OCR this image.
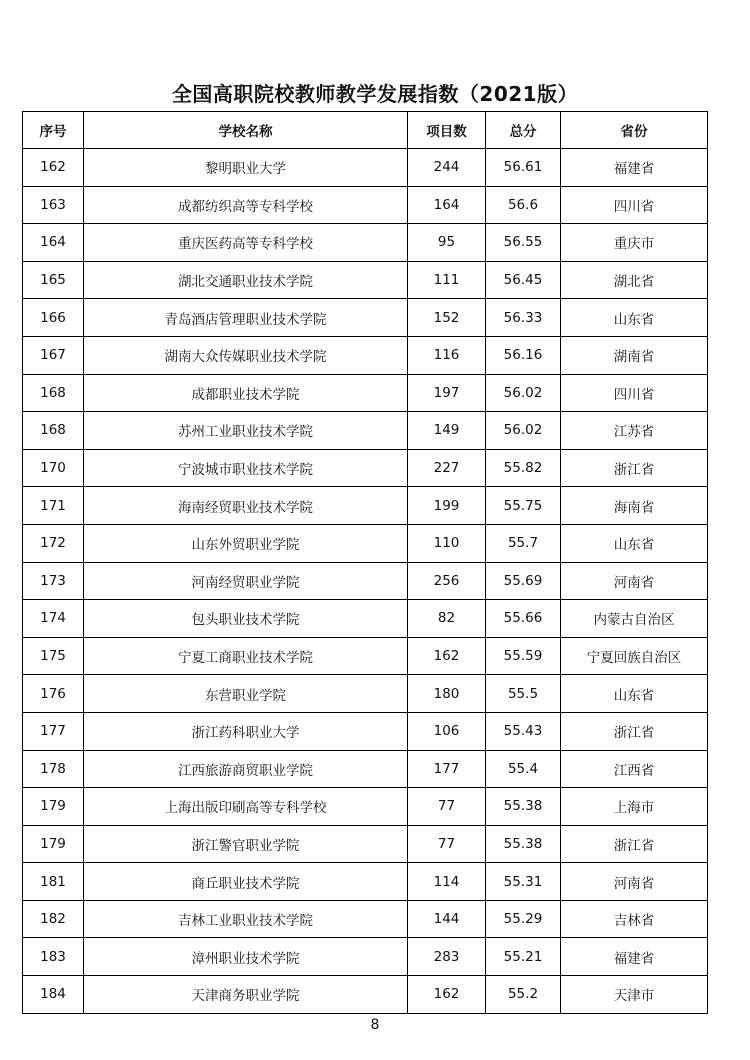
全国高职院校教师教学发展指数（2021版）
序号	学校名称	项目数	总分	省份
162	黎明职业大学	244	56.61	福建省
163	成都纺织高等专科学校	164	56.6	四川省
164	重庆医药高等专科学校	95	56.55	重庆市
165	湖北交通职业技术学院	111	56.45	湖北省
166	青岛酒店管理职业技术学院	152	56.33	山东省
167	湖南大众传媒职业技术学院	116	56.16	湖南省
168	成都职业技术学院	197	56.02	四川省
168	苏州工业职业技术学院	149	56.02	江苏省
170	宁波城市职业技术学院	227	55.82	浙江省
171	海南经贸职业技术学院	199	55.75	海南省
172	山东外贸职业学院	110	55.7	山东省
173	河南经贸职业学院	256	55.69	河南省
174	包头职业技术学院	82	55.66	内蒙古自治区
175	宁夏工商职业技术学院	162	55.59	宁夏回族自治区
176	东营职业学院	180	55.5	山东省
177	浙江药科职业大学	106	55.43	浙江省
178	江西旅游商贸职业学院	177	55.4	江西省
179	上海出版印刷高等专科学校	77	55.38	上海市
179	浙江警官职业学院	77	55.38	浙江省
181	商丘职业技术学院	114	55.31	河南省
182	吉林工业职业技术学院	144	55.29	吉林省
183	漳州职业技术学院	283	55.21	福建省
184	天津商务职业学院	162	55.2	天津市
8
